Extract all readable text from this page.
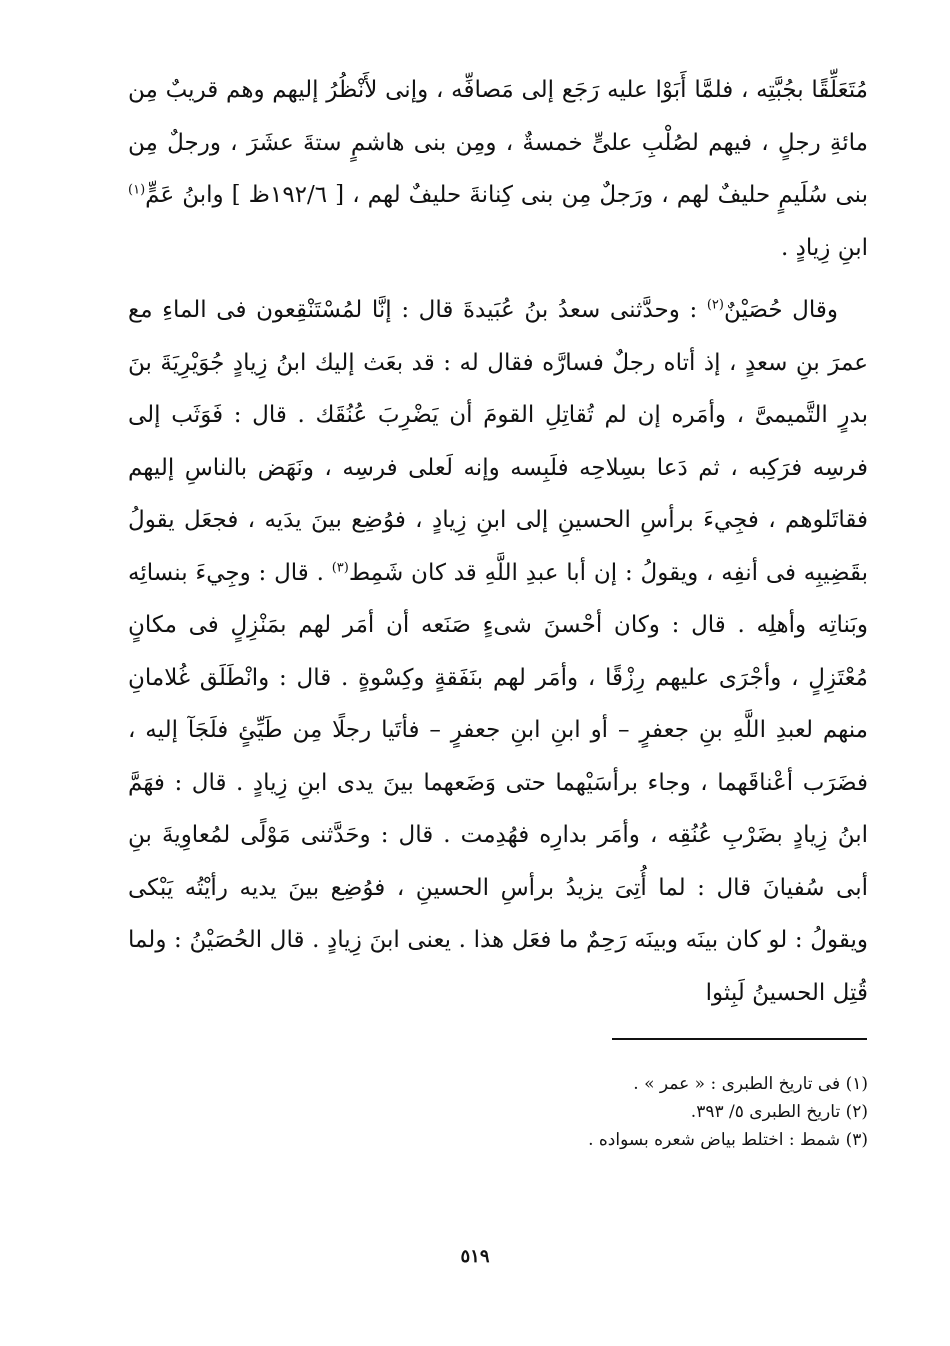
مُتَعَلِّقًا بجُبَّتِه ، فلمَّا أَبَوْا عليه رَجَع إلى مَصافِّه ، وإنى لأَنْظُرُ إليهم وهم قريبٌ مِن مائةِ رجلٍ ، فيهم لصُلْبِ علىٍّ خمسةٌ ، ومِن بنى هاشمٍ ستةَ عشَرَ ، ورجلٌ مِن بنى سُلَيمٍ حليفٌ لهم ، ورَجلٌ مِن بنى كِنانةَ حليفٌ لهم ، [ ١٩٢/٦ظ ] وابنُ عَمٍّ$^{(١)}$ ابنِ زِيادٍ .

وقال حُصَيْنٌ$^{(٢)}$ : وحدَّثنى سعدُ بنُ عُبَيدةَ قال : إنَّا لمُسْتَنْقِعون فى الماءِ مع عمرَ بنِ سعدٍ ، إذ أتاه رجلٌ فسارَّه فقال له : قد بعَث إليك ابنُ زِيادٍ جُوَيْرِيَةَ بنَ بدرٍ التَّميمىَّ ، وأمَره إن لم تُقاتِلِ القومَ أن يَضْرِبَ عُنُقَك . قال : فَوَثَب إلى فرسِه فرَكِبه ، ثم دَعا بسِلاحِه فلَبِسه وإنه لَعلى فرسِه ، ونَهَض بالناسِ إليهم فقاتَلوهم ، فجِيءَ برأسِ الحسينِ إلى ابنِ زِيادٍ ، فوُضِع بينَ يدَيه ، فجعَل يقولُ بقَضِيبِه فى أنفِه ، ويقولُ : إن أبا عبدِ اللَّهِ قد كان شَمِط$^{(٣)}$ . قال : وجِيءَ بنسائِه وبَناتِه وأهلِه . قال : وكان أحْسنَ شىءٍ صَنَعه أن أمَر لهم بمَنْزِلٍ فى مكانٍ مُعْتَزِلٍ ، وأجْرَى عليهم رِزْقًا ، وأمَر لهم بنَفَقةٍ وكِسْوةٍ . قال : وانْطَلَق غُلامانِ منهم لعبدِ اللَّهِ بنِ جعفرٍ – أو ابنِ ابنِ جعفرٍ – فأتَيا رجلًا مِن طَيِّئٍ فلَجَآ إليه ، فضَرَب أعْناقَهما ، وجاء برأسَيْهما حتى وَضَعهما بينَ يدى ابنِ زِيادٍ . قال : فهَمَّ ابنُ زِيادٍ بضَرْبِ عُنُقِه ، وأمَر بدارِه فهُدِمت . قال : وحَدَّثنى مَوْلًى لمُعاوِيةَ بنِ أبى سُفيانَ قال : لما أُتِىَ يزيدُ برأسِ الحسينِ ، فوُضِع بينَ يديه رأيْتُه يَبْكى ويقولُ : لو كان بينَه وبينَه رَحِمٌ ما فعَل هذا . يعنى ابنَ زِيادٍ . قال الحُصَيْنُ : ولما قُتِل الحسينُ لَبِثوا

(١) فى تاريخ الطبرى : « عمر » .
(٢) تاريخ الطبرى ٥/ ٣٩٣.
(٣) شمط : اختلط بياض شعره بسواده .
٥١٩
